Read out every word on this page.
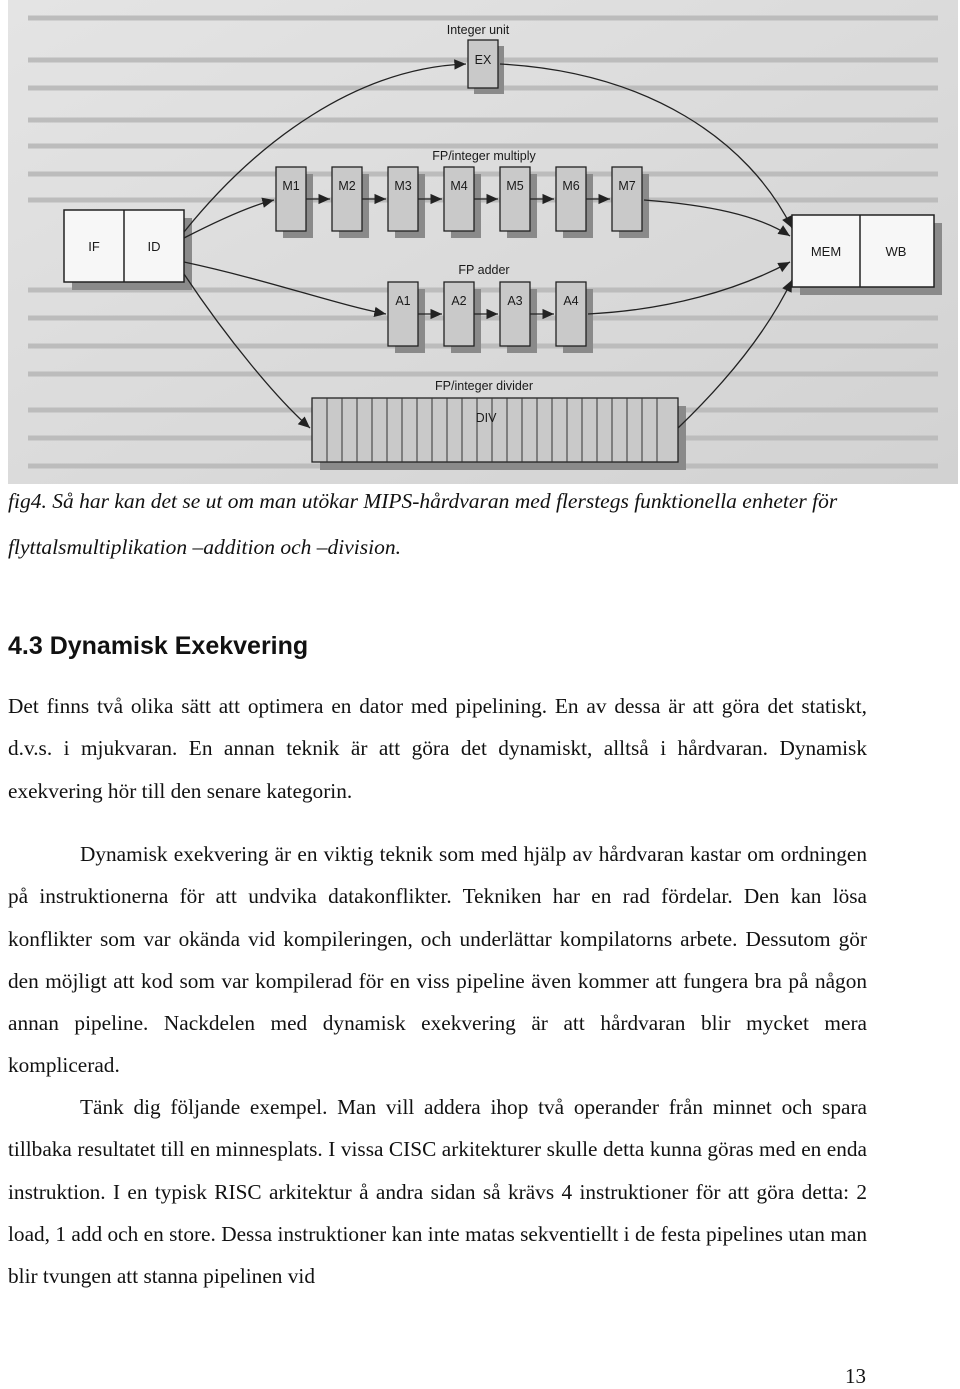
IF	ID	MEM	WB
Integer unit
EX
FP/integer multiply
M1	M2	M3	M4	M5	M6	M7
FP adder
A1	A2	A3	A4
FP/integer divider
DIV

fig4. Så har kan det se ut om man utökar MIPS-hårdvaran med flerstegs funktionella enheter för flyttalsmultiplikation –addition och –division.

4.3 Dynamisk Exekvering

Det finns två olika sätt att optimera en dator med pipelining. En av dessa är att göra det statiskt, d.v.s. i mjukvaran. En annan teknik är att göra det dynamiskt, alltså i hårdvaran. Dynamisk exekvering hör till den senare kategorin.

Dynamisk exekvering är en viktig teknik som med hjälp av hårdvaran kastar om ordningen på instruktionerna för att undvika datakonflikter. Tekniken har en rad fördelar. Den kan lösa konflikter som var okända vid kompileringen, och underlättar kompilatorns arbete. Dessutom gör den möjligt att kod som var kompilerad för en viss pipeline även kommer att fungera bra på någon annan pipeline. Nackdelen med dynamisk exekvering är att hårdvaran blir mycket mera komplicerad.

Tänk dig följande exempel. Man vill addera ihop två operander från minnet och spara tillbaka resultatet till en minnesplats. I vissa CISC arkitekturer skulle detta kunna göras med en enda instruktion. I en typisk RISC arkitektur å andra sidan så krävs 4 instruktioner för att göra detta: 2 load, 1 add och en store. Dessa instruktioner kan inte matas sekventiellt i de festa pipelines utan man blir tvungen att stanna pipelinen vid

13
